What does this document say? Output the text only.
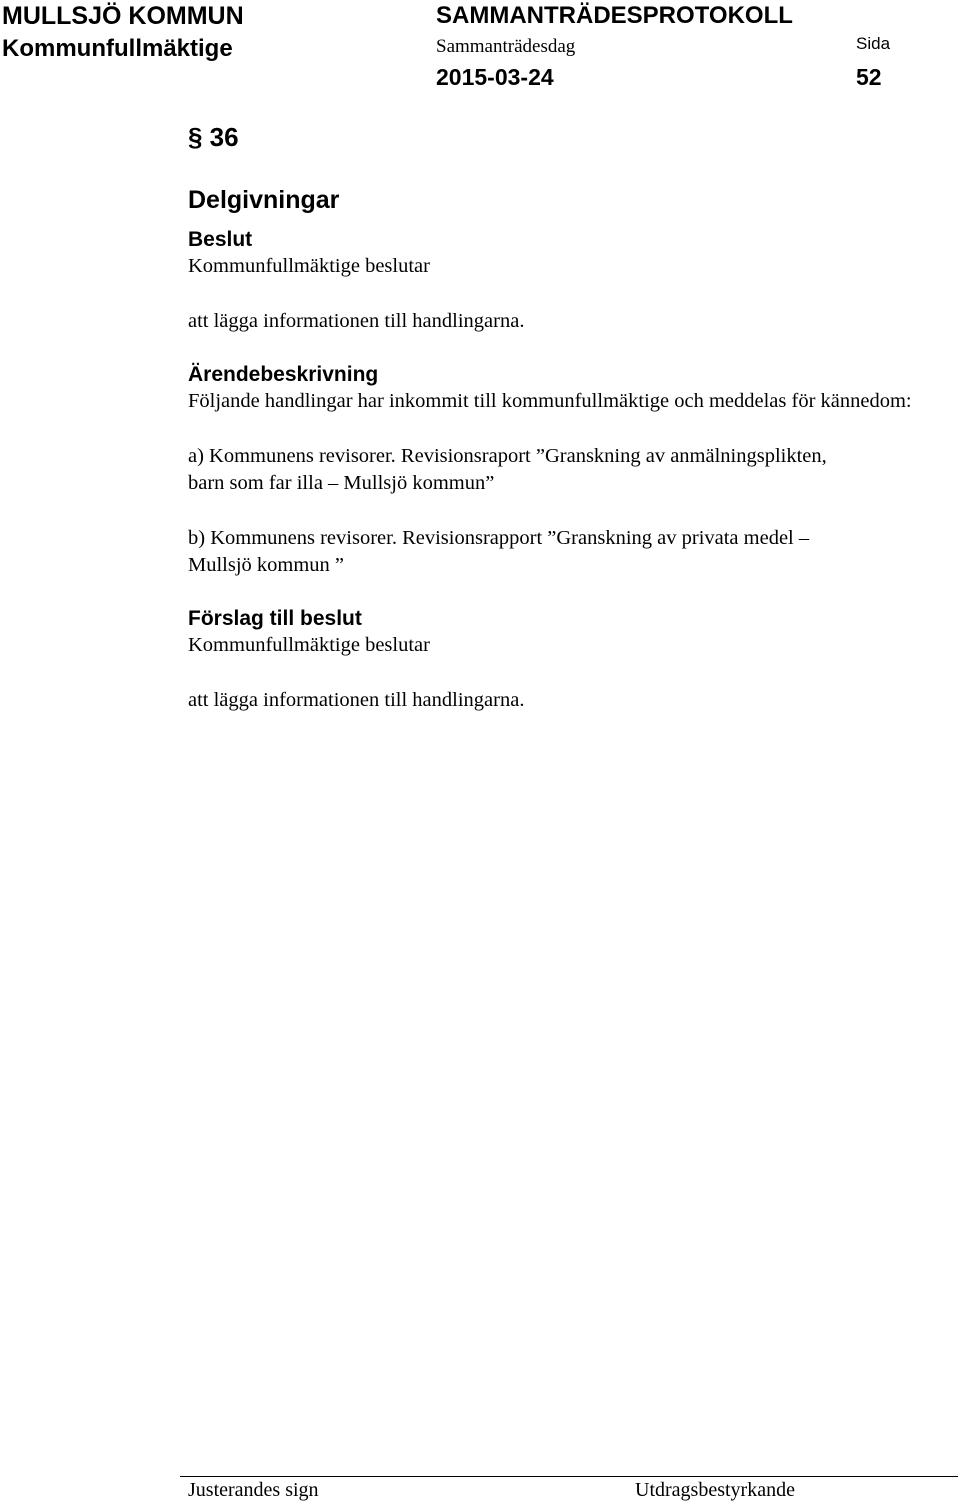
MULLSJÖ KOMMUN
Kommunfullmäktige
SAMMANTRÄDESPROTOKOLL
Sammanträdesdag
2015-03-24
Sida
52

§ 36

Delgivningar

Beslut

Kommunfullmäktige beslutar

att lägga informationen till handlingarna.

Ärendebeskrivning

Följande handlingar har inkommit till kommunfullmäktige och meddelas för kännedom:

a) Kommunens revisorer. Revisionsraport ”Granskning av anmälningsplikten,

barn som far illa – Mullsjö kommun”

b) Kommunens revisorer. Revisionsrapport ”Granskning av privata medel –

Mullsjö kommun ”

Förslag till beslut

Kommunfullmäktige beslutar

att lägga informationen till handlingarna.

Justerandes sign	Utdragsbestyrkande
